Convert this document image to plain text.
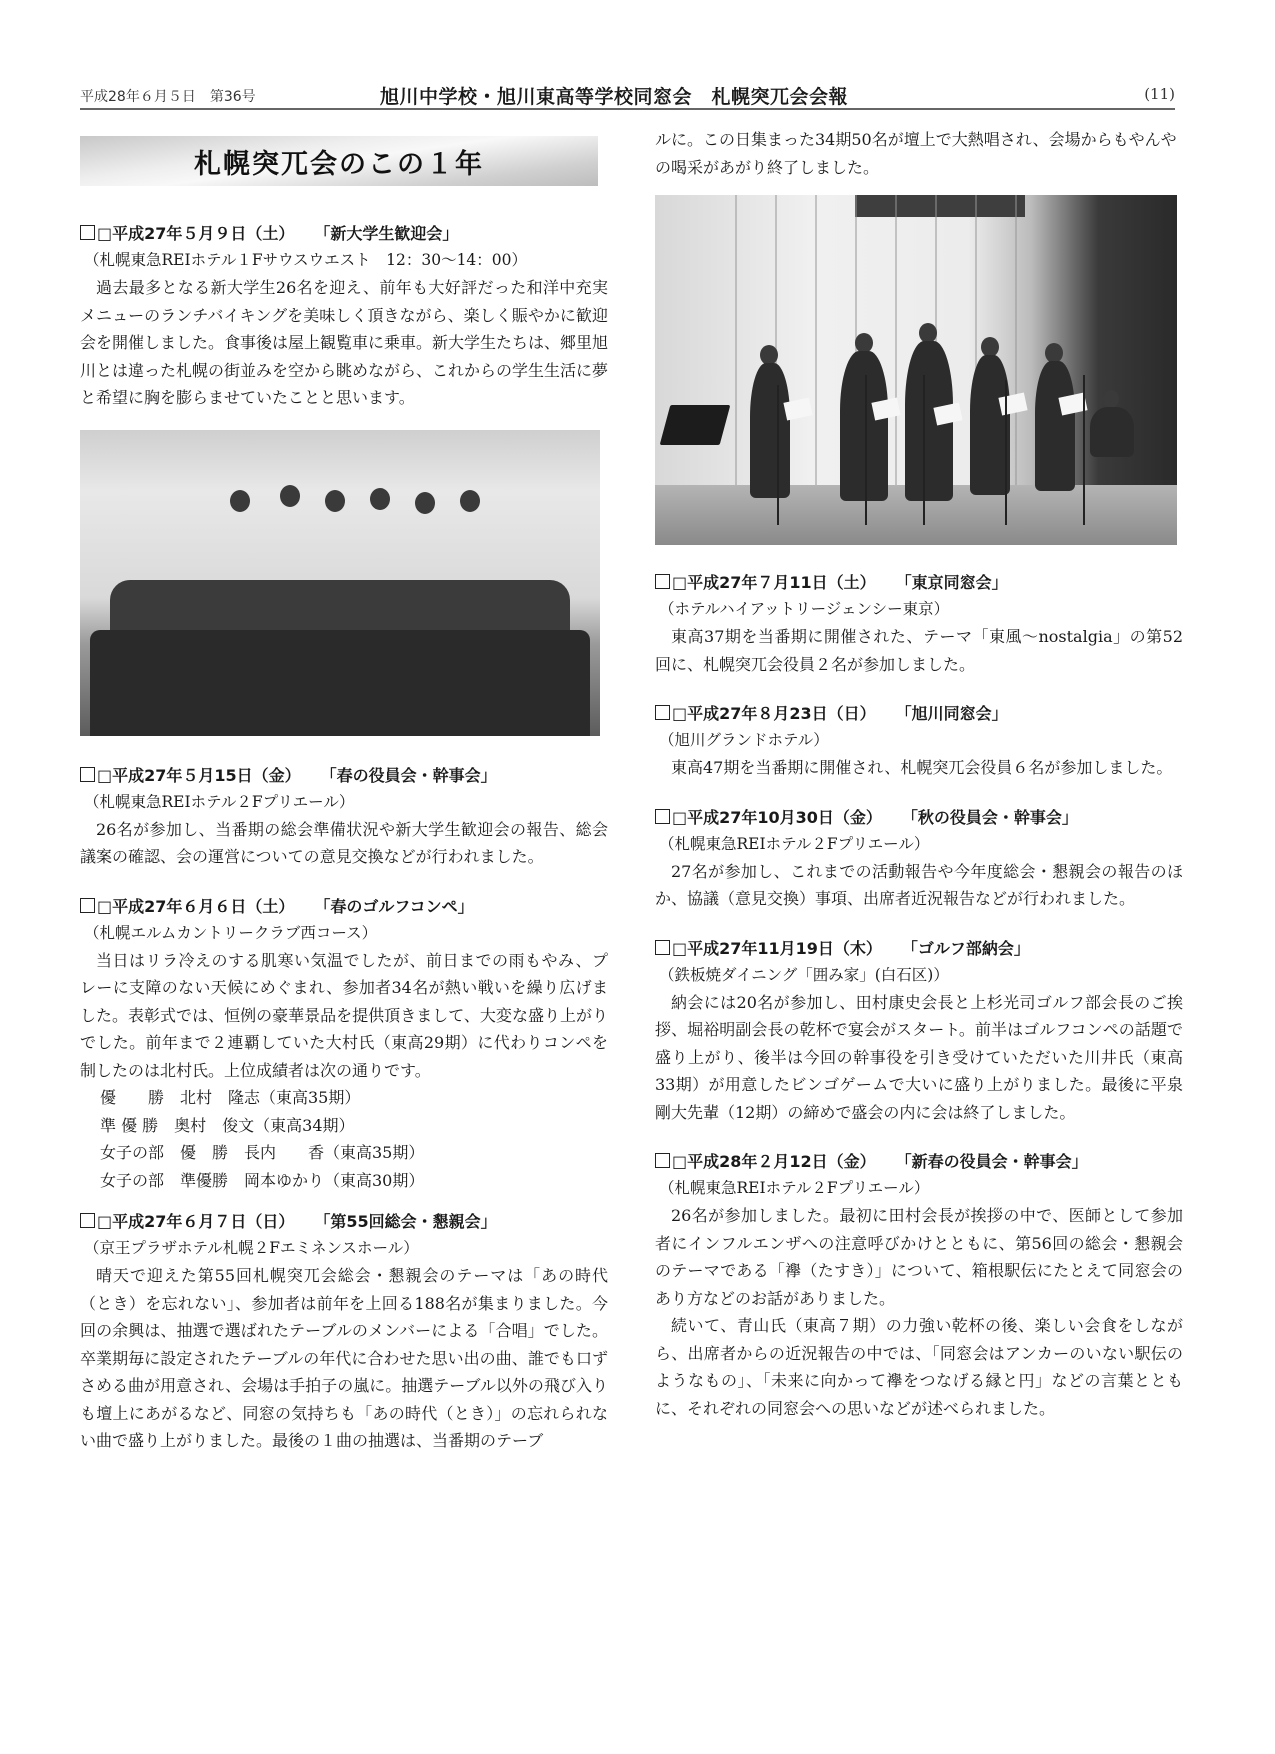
平成28年６月５日　第36号	旭川中学校・旭川東高等学校同窓会　札幌突兀会会報	(11)
札幌突兀会のこの１年
□平成27年５月９日（土） 「新大学生歓迎会」
（札幌東急REIホテル１Fサウスウエスト　12：30〜14：00）

過去最多となる新大学生26名を迎え、前年も大好評だった和洋中充実メニューのランチバイキングを美味しく頂きながら、楽しく賑やかに歓迎会を開催しました。食事後は屋上観覧車に乗車。新大学生たちは、郷里旭川とは違った札幌の街並みを空から眺めながら、これからの学生生活に夢と希望に胸を膨らませていたことと思います。

□平成27年５月15日（金） 「春の役員会・幹事会」
（札幌東急REIホテル２Fプリエール）

26名が参加し、当番期の総会準備状況や新大学生歓迎会の報告、総会議案の確認、会の運営についての意見交換などが行われました。

□平成27年６月６日（土） 「春のゴルフコンペ」
（札幌エルムカントリークラブ西コース）

当日はリラ冷えのする肌寒い気温でしたが、前日までの雨もやみ、プレーに支障のない天候にめぐまれ、参加者34名が熱い戦いを繰り広げました。表彰式では、恒例の豪華景品を提供頂きまして、大変な盛り上がりでした。前年まで２連覇していた大村氏（東高29期）に代わりコンペを制したのは北村氏。上位成績者は次の通りです。

優　　勝　北村　隆志（東高35期）
準 優 勝　奥村　俊文（東高34期）
女子の部　優　勝　長内　　香（東高35期）
女子の部　準優勝　岡本ゆかり（東高30期）
□平成27年６月７日（日） 「第55回総会・懇親会」
（京王プラザホテル札幌２Fエミネンスホール）

晴天で迎えた第55回札幌突兀会総会・懇親会のテーマは「あの時代（とき）を忘れない」、参加者は前年を上回る188名が集まりました。今回の余興は、抽選で選ばれたテーブルのメンバーによる「合唱」でした。卒業期毎に設定されたテーブルの年代に合わせた思い出の曲、誰でも口ずさめる曲が用意され、会場は手拍子の嵐に。抽選テーブル以外の飛び入りも壇上にあがるなど、同窓の気持ちも「あの時代（とき）」の忘れられない曲で盛り上がりました。最後の１曲の抽選は、当番期のテーブ

ルに。この日集まった34期50名が壇上で大熱唱され、会場からもやんやの喝采があがり終了しました。

□平成27年７月11日（土） 「東京同窓会」
（ホテルハイアットリージェンシー東京）

東高37期を当番期に開催された、テーマ「東風〜nostalgia」の第52回に、札幌突兀会役員２名が参加しました。

□平成27年８月23日（日） 「旭川同窓会」
（旭川グランドホテル）

東高47期を当番期に開催され、札幌突兀会役員６名が参加しました。

□平成27年10月30日（金） 「秋の役員会・幹事会」
（札幌東急REIホテル２Fプリエール）

27名が参加し、これまでの活動報告や今年度総会・懇親会の報告のほか、協議（意見交換）事項、出席者近況報告などが行われました。

□平成27年11月19日（木） 「ゴルフ部納会」
（鉄板焼ダイニング「囲み家」(白石区)）

納会には20名が参加し、田村康史会長と上杉光司ゴルフ部会長のご挨拶、堀裕明副会長の乾杯で宴会がスタート。前半はゴルフコンペの話題で盛り上がり、後半は今回の幹事役を引き受けていただいた川井氏（東高33期）が用意したビンゴゲームで大いに盛り上がりました。最後に平泉剛大先輩（12期）の締めで盛会の内に会は終了しました。

□平成28年２月12日（金） 「新春の役員会・幹事会」
（札幌東急REIホテル２Fプリエール）

26名が参加しました。最初に田村会長が挨拶の中で、医師として参加者にインフルエンザへの注意呼びかけとともに、第56回の総会・懇親会のテーマである「襷（たすき）」について、箱根駅伝にたとえて同窓会のあり方などのお話がありました。

続いて、青山氏（東高７期）の力強い乾杯の後、楽しい会食をしながら、出席者からの近況報告の中では、「同窓会はアンカーのいない駅伝のようなもの」、「未来に向かって襷をつなげる縁と円」などの言葉とともに、それぞれの同窓会への思いなどが述べられました。
